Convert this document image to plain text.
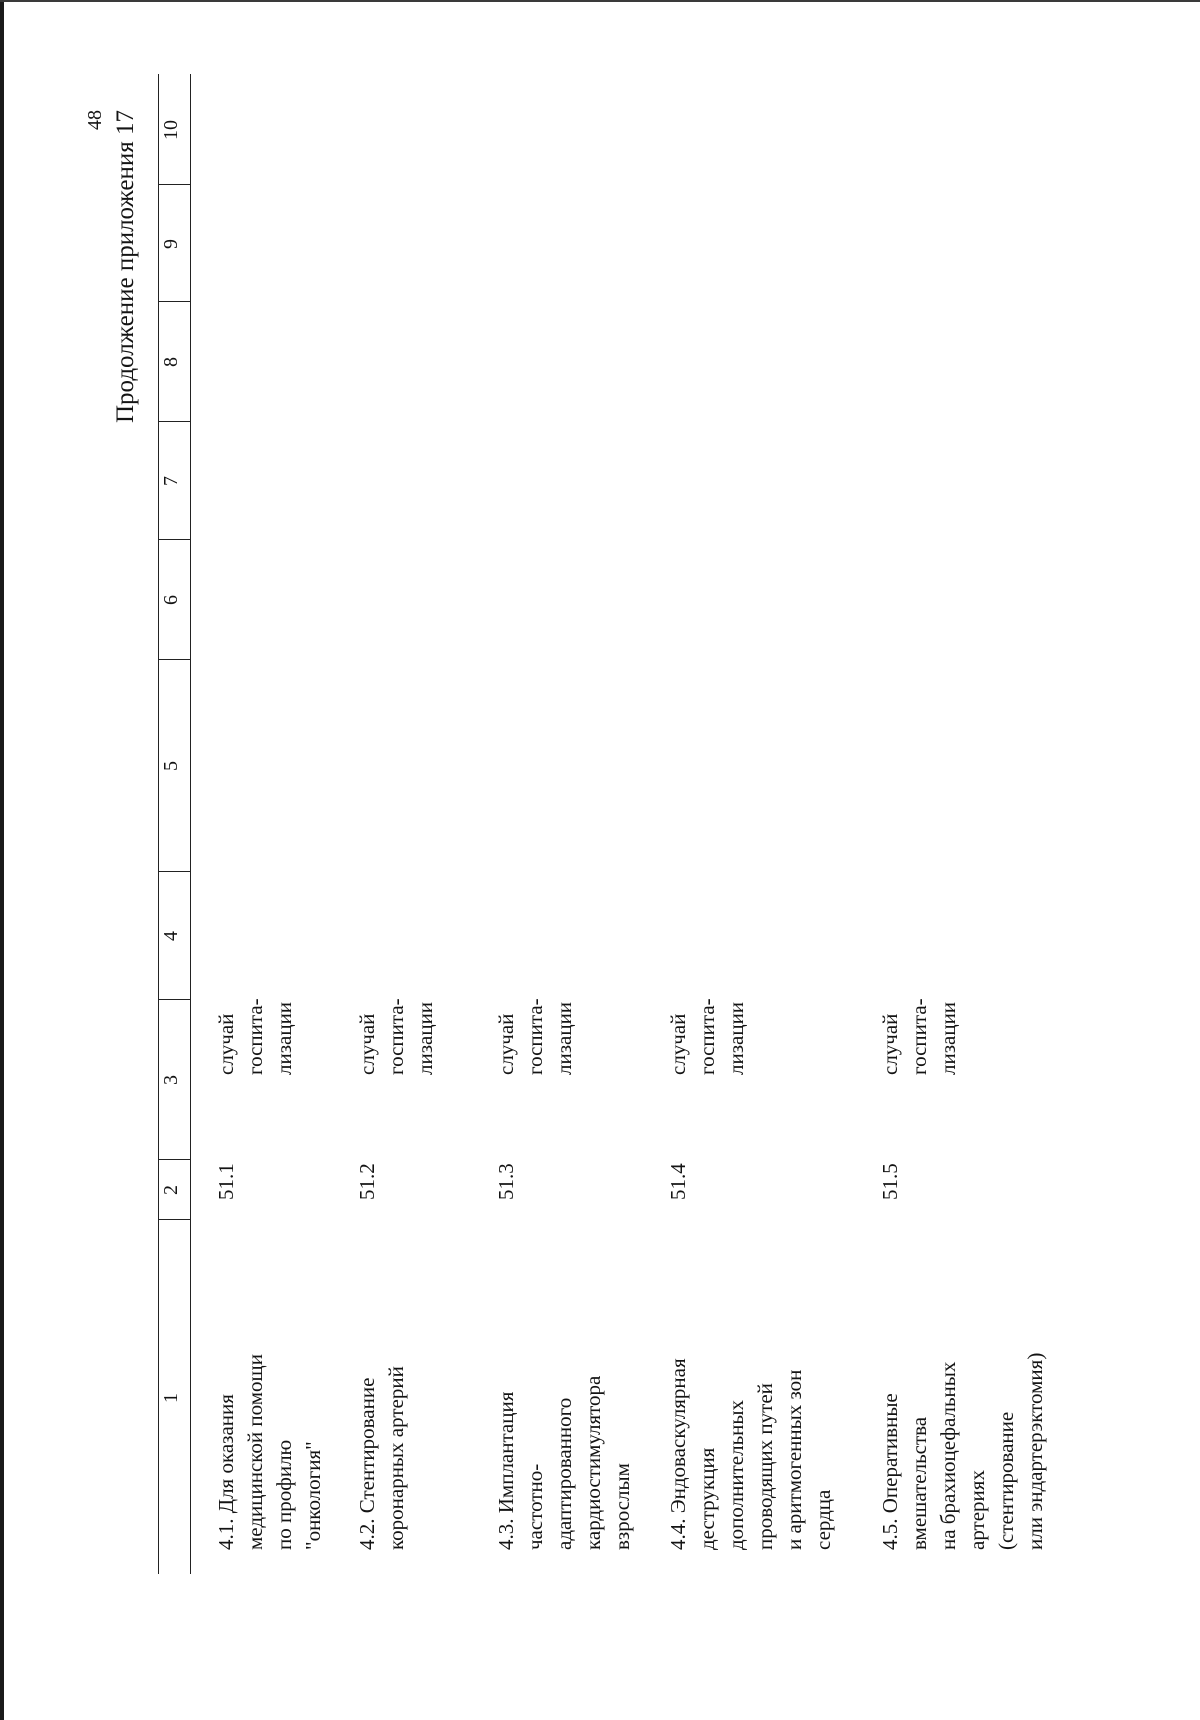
48 Продолжение приложения 17
1
2
3
4
5
6
7
8
9
10
4.1. Для оказания
медицинской помощи
по профилю
"онкология"
51.1
случай
госпита-
лизации
4.2. Стентирование
коронарных артерий
51.2
случай
госпита-
лизации
4.3. Имплантация
частотно-
адаптированного
кардиостимулятора
взрослым
51.3
случай
госпита-
лизации
4.4. Эндоваскулярная
деструкция
дополнительных
проводящих путей
и аритмогенных зон
сердца
51.4
случай
госпита-
лизации
4.5. Оперативные
вмешательства
на брахиоцефальных
артериях
(стентирование
или эндартерэктомия)
51.5
случай
госпита-
лизации
